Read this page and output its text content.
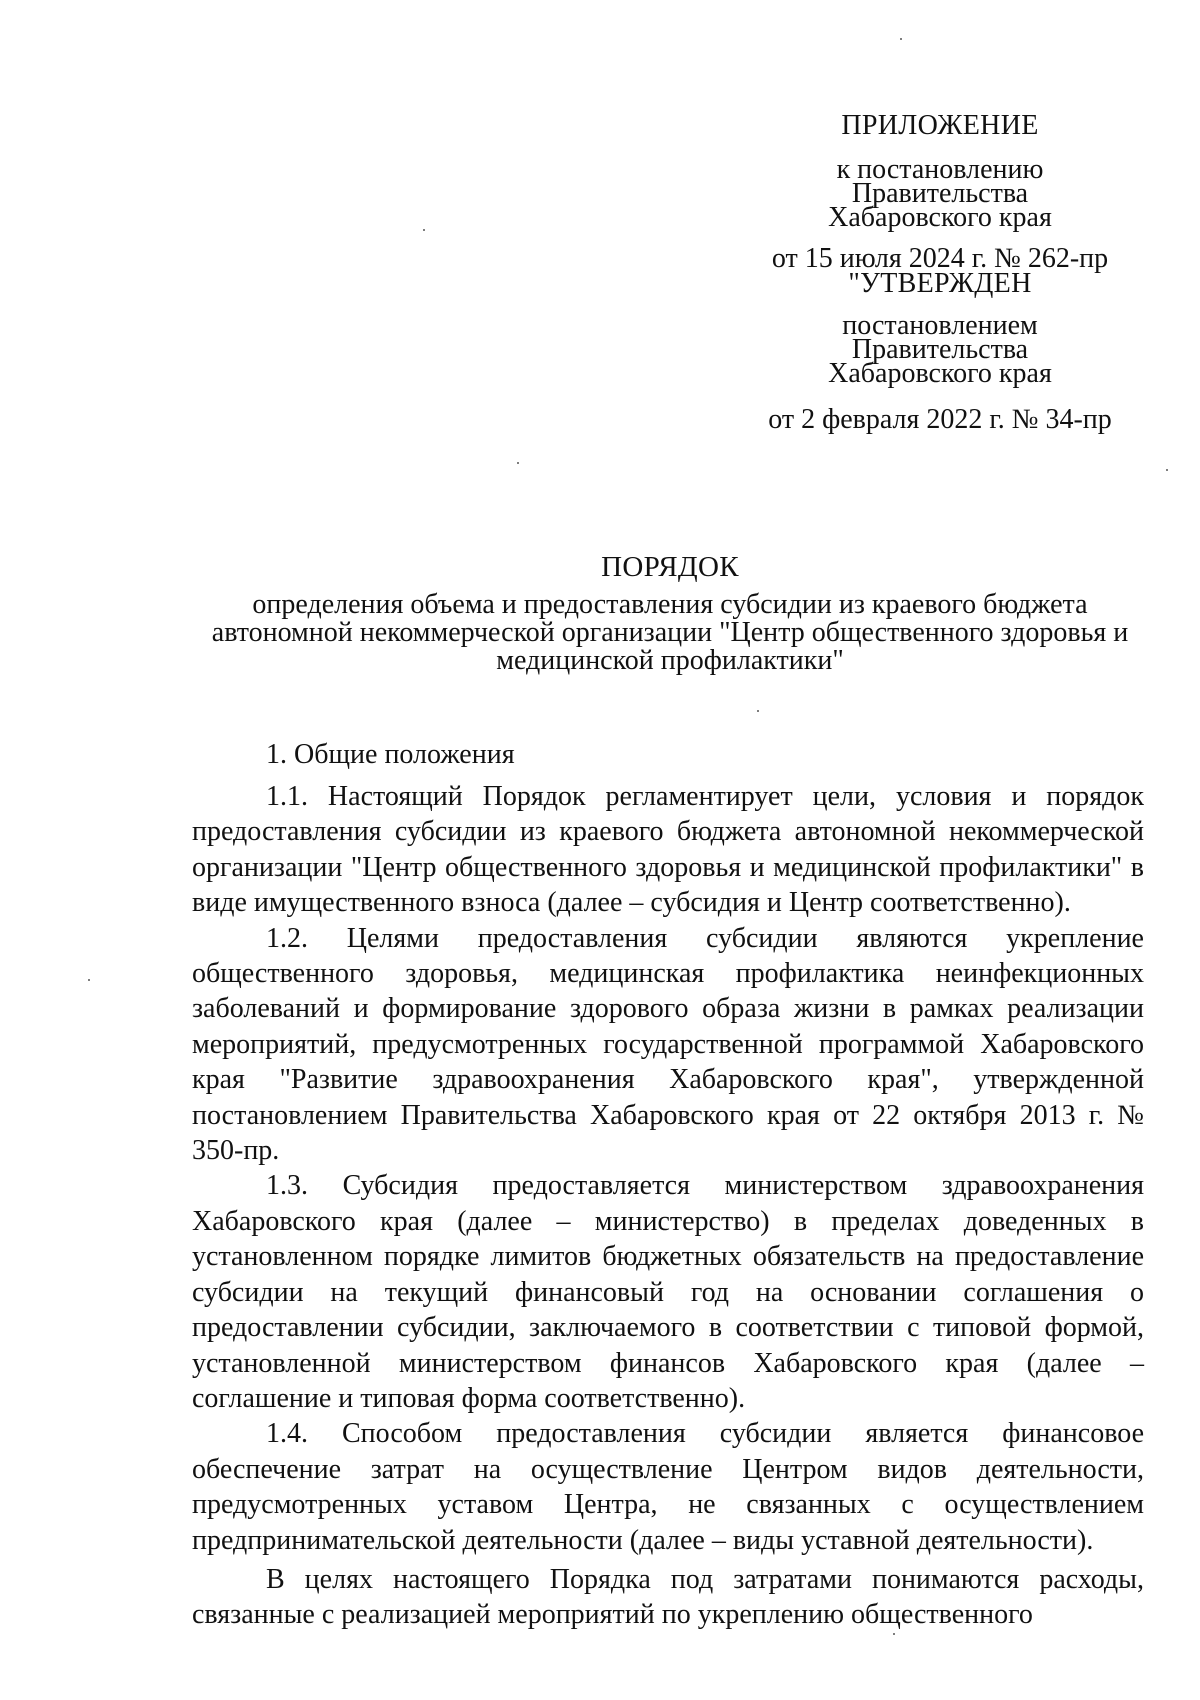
ПРИЛОЖЕНИЕ
к постановлению
Правительства
Хабаровского края
от 15 июля 2024 г. № 262-пр
"УТВЕРЖДЕН
постановлением
Правительства
Хабаровского края
от 2 февраля 2022 г. № 34-пр
ПОРЯДОК
определения объема и предоставления субсидии из краевого бюджета
автономной некоммерческой организации "Центр общественного здоровья и
медицинской профилактики"
1. Общие положения

1.1. Настоящий Порядок регламентирует цели, условия и порядок предоставления субсидии из краевого бюджета автономной некоммерческой организации "Центр общественного здоровья и медицинской профилактики" в виде имущественного взноса (далее – субсидия и Центр соответственно).

1.2. Целями предоставления субсидии являются укрепление общественного здоровья, медицинская профилактика неинфекционных заболеваний и формирование здорового образа жизни в рамках реализации мероприятий, предусмотренных государственной программой Хабаровского края "Развитие здравоохранения Хабаровского края", утвержденной постановлением Правительства Хабаровского края от 22 октября 2013 г. № 350-пр.

1.3. Субсидия предоставляется министерством здравоохранения Хабаровского края (далее – министерство) в пределах доведенных в установленном порядке лимитов бюджетных обязательств на предоставление субсидии на текущий финансовый год на основании соглашения о предоставлении субсидии, заключаемого в соответствии с типовой формой, установленной министерством финансов Хабаровского края (далее – соглашение и типовая форма соответственно).

1.4. Способом предоставления субсидии является финансовое обеспечение затрат на осуществление Центром видов деятельности, предусмотренных уставом Центра, не связанных с осуществлением предпринимательской деятельности (далее – виды уставной деятельности).

В целях настоящего Порядка под затратами понимаются расходы, связанные с реализацией мероприятий по укреплению общественного
